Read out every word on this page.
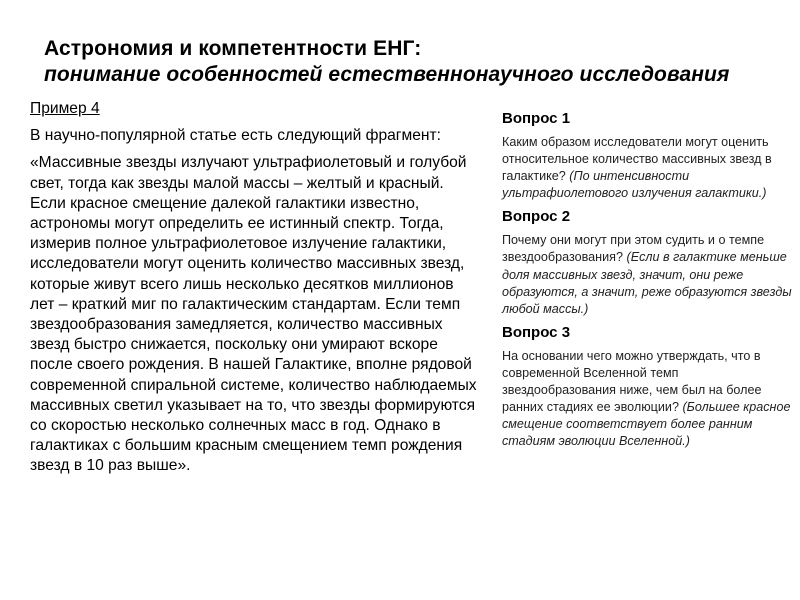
Астрономия и компетентности ЕНГ:
понимание особенностей естественнонаучного исследования

Пример 4

В научно-популярной статье есть следующий фрагмент:

«Массивные звезды излучают ультрафиолетовый и голубой свет, тогда как звезды малой массы – желтый и красный. Если красное смещение далекой галактики известно, астрономы могут определить ее истинный спектр. Тогда, измерив полное ультрафиолетовое излучение галактики, исследователи могут оценить количество массивных звезд, которые живут всего лишь несколько десятков миллионов лет – краткий миг по галактическим стандартам. Если темп звездообразования замедляется, количество массивных звезд быстро снижается, поскольку они умирают вскоре после своего рождения. В нашей Галактике, вполне рядовой современной спиральной системе, количество наблюдаемых массивных светил указывает на то, что звезды формируются со скоростью несколько солнечных масс в год. Однако в галактиках с большим красным смещением темп рождения звезд в 10 раз выше».

Вопрос 1

Каким образом исследователи могут оценить относительное количество массивных звезд в галактике? (По интенсивности ультрафиолетового излучения галактики.)

Вопрос 2

Почему они могут при этом судить и о темпе звездообразования? (Если в галактике меньше доля массивных звезд, значит, они реже образуются, а значит, реже образуются звезды любой массы.)

Вопрос 3

На основании чего можно утверждать, что в современной Вселенной темп звездообразования ниже, чем был на более ранних стадиях ее эволюции? (Большее красное смещение соответствует более ранним стадиям эволюции Вселенной.)
